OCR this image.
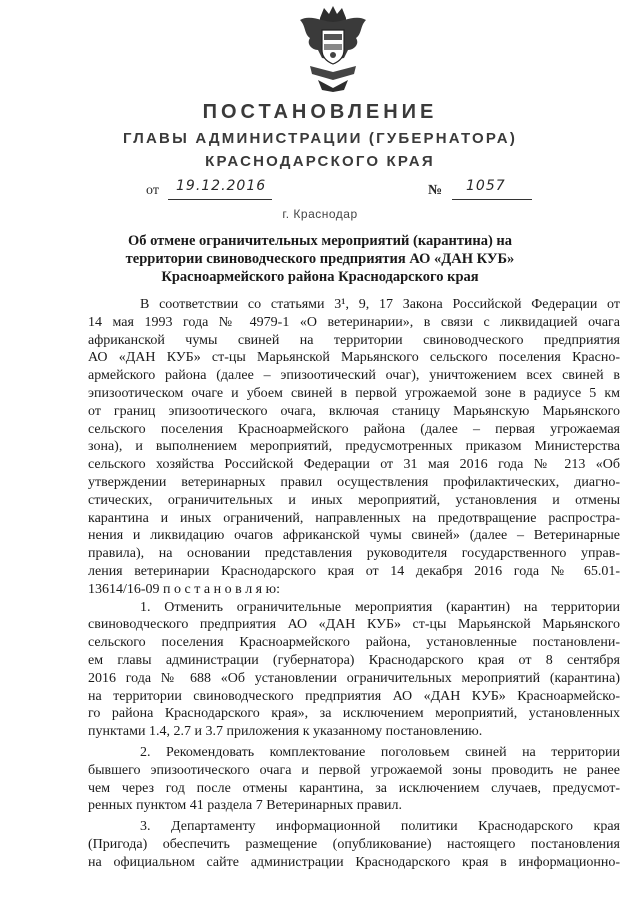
ПОСТАНОВЛЕНИЕ
ГЛАВЫ АДМИНИСТРАЦИИ (ГУБЕРНАТОРА)
КРАСНОДАРСКОГО КРАЯ
от 19.12.2016	№ 1057
г. Краснодар
Об отмене ограничительных мероприятий (карантина) на
территории свиноводческого предприятия АО «ДАН КУБ»
Красноармейского района Краснодарского края
В соответствии со статьями 3¹, 9, 17 Закона Российской Федерации от
14 мая 1993 года № 4979-1 «О ветеринарии», в связи с ликвидацией очага
африканской чумы свиней на территории свиноводческого предприятия
АО «ДАН КУБ» ст-цы Марьянской Марьянского сельского поселения Красно-
армейского района (далее – эпизоотический очаг), уничтожением всех свиней в
эпизоотическом очаге и убоем свиней в первой угрожаемой зоне в радиусе 5 км
от границ эпизоотического очага, включая станицу Марьянскую Марьянского
сельского поселения Красноармейского района (далее – первая угрожаемая
зона), и выполнением мероприятий, предусмотренных приказом Министерства
сельского хозяйства Российской Федерации от 31 мая 2016 года № 213 «Об
утверждении ветеринарных правил осуществления профилактических, диагно-
стических, ограничительных и иных мероприятий, установления и отмены
карантина и иных ограничений, направленных на предотвращение распростра-
нения и ликвидацию очагов африканской чумы свиней» (далее – Ветеринарные
правила), на основании представления руководителя государственного управ-
ления ветеринарии Краснодарского края от 14 декабря 2016 года № 65.01-
13614/16-09 п о с т а н о в л я ю:
1. Отменить ограничительные мероприятия (карантин) на территории
свиноводческого предприятия АО «ДАН КУБ» ст-цы Марьянской Марьянского
сельского поселения Красноармейского района, установленные постановлени-
ем главы администрации (губернатора) Краснодарского края от 8 сентября
2016 года № 688 «Об установлении ограничительных мероприятий (карантина)
на территории свиноводческого предприятия АО «ДАН КУБ» Красноармейско-
го района Краснодарского края», за исключением мероприятий, установленных
пунктами 1.4, 2.7 и 3.7 приложения к указанному постановлению.
2. Рекомендовать комплектование поголовьем свиней на территории
бывшего эпизоотического очага и первой угрожаемой зоны проводить не ранее
чем через год после отмены карантина, за исключением случаев, предусмот-
ренных пунктом 41 раздела 7 Ветеринарных правил.
3. Департаменту информационной политики Краснодарского края
(Пригода) обеспечить размещение (опубликование) настоящего постановления
на официальном сайте администрации Краснодарского края в информационно-
